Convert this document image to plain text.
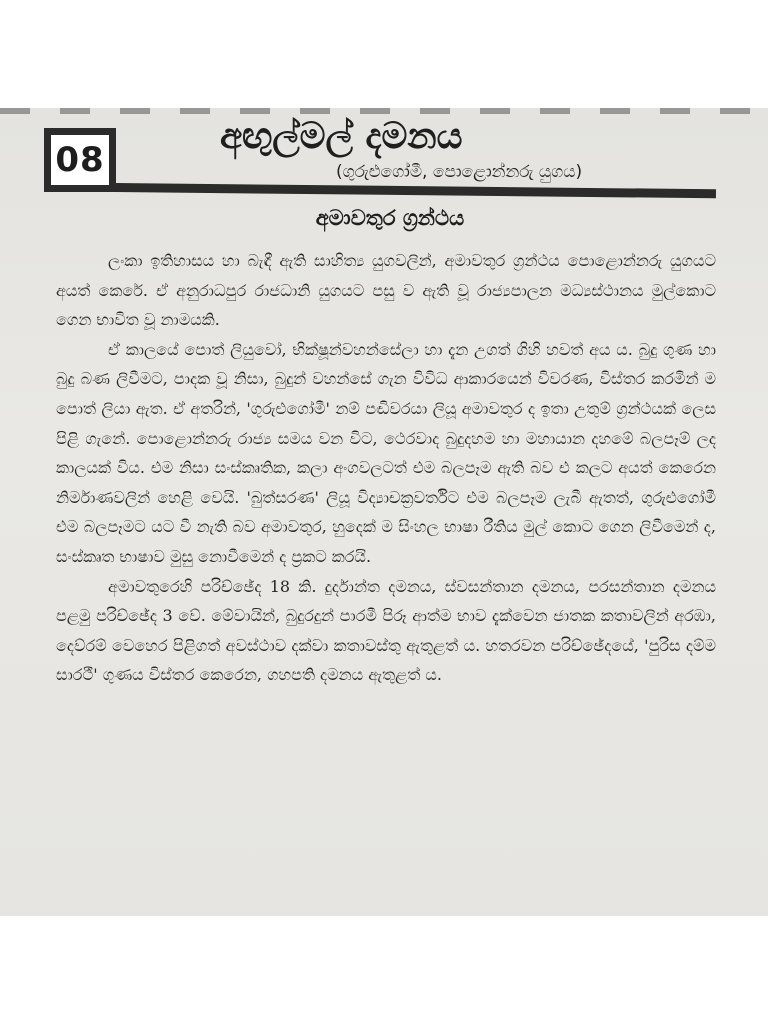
08
අඟුල්මල් දමනය
(ගුරුළුගෝමී, පොළොන්නරු යුගය)
අමාවතුර ග්‍රන්ථය

ලංකා ඉතිහාසය හා බැඳී ඇති සාහිත්‍ය යුගවලින්, අමාවතුර ග්‍රන්ථය පොළොන්නරු යුගයට අයත් කෙරේ. ඒ අනුරාධපුර රාජධානි යුගයට පසු ව ඇති වූ රාජ්‍යපාලන මධ්‍යස්ථානය මුල්කොට ගෙන භාවිත වූ නාමයකි.

ඒ කාලයේ පොත් ලියුවෝ, භික්ෂූන්වහන්සේලා හා දැන උගත් ගිහි හවත් අය ය. බුදු ගුණ හා බුදු බණ ලිවීමට, පාදක වූ නිසා, බුදුන් වහන්සේ ගැන විවිධ ආකාරයෙන් විවරණ, විස්තර කරමින් ම පොත් ලියා ඇත. ඒ අතරින්, 'ගුරුළුගෝමී' නම් පඬිවරයා ලියූ අමාවතුර ද ඉතා උතුම් ග්‍රන්ථයක් ලෙස පිළි ගැනේ. පොළොන්නරු රාජ්‍ය සමය වන විට, ථෙරවාද බුදුදහම හා මහායාන දහමේ බලපෑම් ලද කාලයක් විය. එම නිසා සංස්කෘතික, කලා අංගවලටත් එම බලපෑම ඇති බව එ කලට අයත් කෙරෙන නිර්මාණවලින් හෙළි වෙයි. 'බුත්සරණ' ලියූ විද්‍යාචක්‍රවර්තිට එම බලපෑම ලැබී ඇතත්, ගුරුළුගෝමී එම බලපෑමට යට වී නැති බව අමාවතුර, හුදෙක් ම සිංහල භාෂා රීතිය මුල් කොට ගෙන ලිවීමෙන් ද, සංස්කෘත භාෂාව මුසු නොවීමෙන් ද ප්‍රකට කරයි.

අමාවතුරෙහි පරිච්ඡේද 18 කි. දුර්දාන්ත දමනය, ස්වසන්තාන දමනය, පරසන්තාන දමනය පළමු පරිච්ඡේද 3 වේ. මේවායින්, බුදුරදුන් පාරමී පිරූ ආත්ම භාව දැක්වෙන ජාතක කතාවලින් අරඹා, දෙව්රම් වෙහෙර පිළිගත් අවස්ථාව දක්වා කතාවස්තු ඇතුළත් ය. හතරවන පරිච්ඡේදයේ, 'පුරිස දම්ම සාරථී' ගුණය විස්තර කෙරෙන, ගහපති දමනය ඇතුළත් ය.
